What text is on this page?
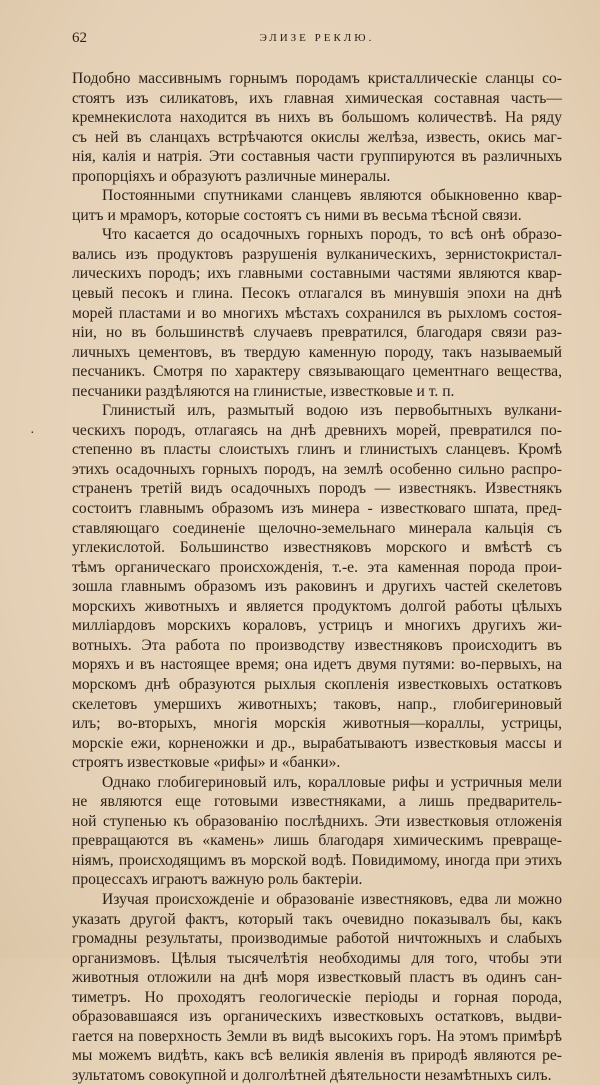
62	ЭЛИЗЕ РЕКЛЮ.
Подобно массивнымъ горнымъ породамъ кристаллическіе сланцы со-
стоятъ изъ силикатовъ, ихъ главная химическая составная часть—
кремнекислота находится въ нихъ въ большомъ количествѣ. На ряду
съ ней въ сланцахъ встрѣчаются окислы желѣза, известь, окись маг-
нія, калія и натрія. Эти составныя части группируются въ различныхъ
пропорціяхъ и образуютъ различные минералы.
Постоянными спутниками сланцевъ являются обыкновенно квар-
цитъ и мраморъ, которые состоятъ съ ними въ весьма тѣсной связи.
Что касается до осадочныхъ горныхъ породъ, то всѣ онѣ образо-
вались изъ продуктовъ разрушенія вулканическихъ, зернистокристал-
лическихъ породъ; ихъ главными составными частями являются квар-
цевый песокъ и глина. Песокъ отлагался въ минувшія эпохи на днѣ
морей пластами и во многихъ мѣстахъ сохранился въ рыхломъ состоя-
ніи, но въ большинствѣ случаевъ превратился, благодаря связи раз-
личныхъ цементовъ, въ твердую каменную породу, такъ называемый
песчаникъ. Смотря по характеру связывающаго цементнаго вещества,
песчаники раздѣляются на глинистые, известковые и т. п.
Глинистый илъ, размытый водою изъ первобытныхъ вулкани-
ческихъ породъ, отлагаясь на днѣ древнихъ морей, превратился по-
степенно въ пласты слоистыхъ глинъ и глинистыхъ сланцевъ. Кромѣ
этихъ осадочныхъ горныхъ породъ, на землѣ особенно сильно распро-
страненъ третій видъ осадочныхъ породъ — известнякъ. Известнякъ
состоитъ главнымъ образомъ изъ минера - известковаго шпата, пред-
ставляющаго соединеніе щелочно-земельнаго минерала кальція съ
углекислотой. Большинство известняковъ морского и вмѣстѣ съ
тѣмъ органическаго происхожденія, т.-е. эта каменная порода прои-
зошла главнымъ образомъ изъ раковинъ и другихъ частей скелетовъ
морскихъ животныхъ и является продуктомъ долгой работы цѣлыхъ
милліардовъ морскихъ кораловъ, устрицъ и многихъ другихъ жи-
вотныхъ. Эта работа по производству известняковъ происходитъ въ
моряхъ и въ настоящее время; она идетъ двумя путями: во-первыхъ, на
морскомъ днѣ образуются рыхлыя скопленія известковыхъ остатковъ
скелетовъ умершихъ животныхъ; таковъ, напр., глобигериновый
илъ; во-вторыхъ, многія морскія животныя—кораллы, устрицы,
морскіе ежи, корненожки и др., вырабатываютъ известковыя массы и
строятъ известковые «рифы» и «банки».
Однако глобигериновый илъ, коралловые рифы и устричныя мели
не являются еще готовыми известняками, а лишь предваритель-
ной ступенью къ образованію послѣднихъ. Эти известковыя отложенія
превращаются въ «камень» лишь благодаря химическимъ превраще-
ніямъ, происходящимъ въ морской водѣ. Повидимому, иногда при этихъ
процессахъ играютъ важную роль бактеріи.
Изучая происхожденіе и образованіе известняковъ, едва ли можно
указать другой фактъ, который такъ очевидно показывалъ бы, какъ
громадны результаты, производимые работой ничтожныхъ и слабыхъ
организмовъ. Цѣлыя тысячелѣтія необходимы для того, чтобы эти
животныя отложили на днѣ моря известковый пластъ въ одинъ сан-
тиметръ. Но проходятъ геологическіе періоды и горная порода,
образовавшаяся изъ органическихъ известковыхъ остатковъ, выдви-
гается на поверхность Земли въ видѣ высокихъ горъ. На этомъ примѣрѣ
мы можемъ видѣть, какъ всѣ великія явленія въ природѣ являются ре-
зультатомъ совокупной и долголѣтней дѣятельности незамѣтныхъ силъ.
·
